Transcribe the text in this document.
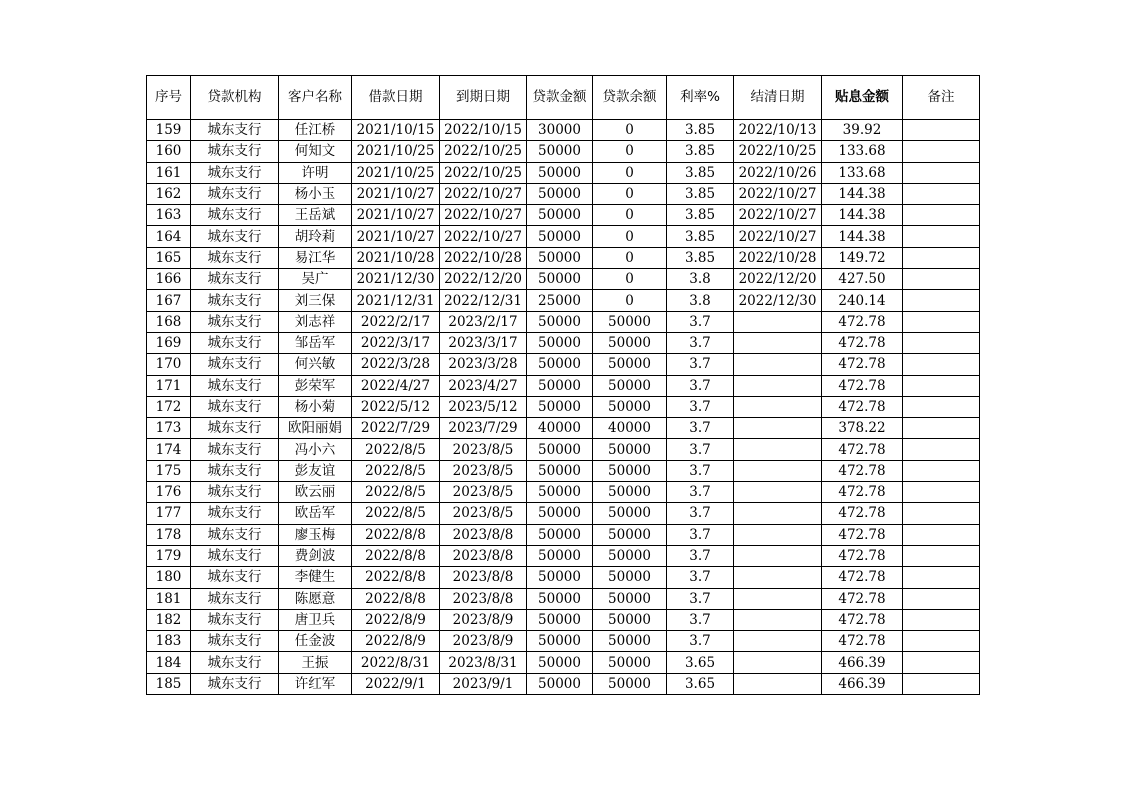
序号	贷款机构	客户名称	借款日期	到期日期	贷款金额	贷款余额	利率%	结清日期	贴息金额	备注
159	城东支行	任江桥	2021/10/15	2022/10/15	30000	0	3.85	2022/10/13	39.92	
160	城东支行	何知文	2021/10/25	2022/10/25	50000	0	3.85	2022/10/25	133.68	
161	城东支行	许明	2021/10/25	2022/10/25	50000	0	3.85	2022/10/26	133.68	
162	城东支行	杨小玉	2021/10/27	2022/10/27	50000	0	3.85	2022/10/27	144.38	
163	城东支行	王岳斌	2021/10/27	2022/10/27	50000	0	3.85	2022/10/27	144.38	
164	城东支行	胡玲莉	2021/10/27	2022/10/27	50000	0	3.85	2022/10/27	144.38	
165	城东支行	易江华	2021/10/28	2022/10/28	50000	0	3.85	2022/10/28	149.72	
166	城东支行	吴广	2021/12/30	2022/12/20	50000	0	3.8	2022/12/20	427.50	
167	城东支行	刘三保	2021/12/31	2022/12/31	25000	0	3.8	2022/12/30	240.14	
168	城东支行	刘志祥	2022/2/17	2023/2/17	50000	50000	3.7		472.78	
169	城东支行	邹岳军	2022/3/17	2023/3/17	50000	50000	3.7		472.78	
170	城东支行	何兴敏	2022/3/28	2023/3/28	50000	50000	3.7		472.78	
171	城东支行	彭荣军	2022/4/27	2023/4/27	50000	50000	3.7		472.78	
172	城东支行	杨小菊	2022/5/12	2023/5/12	50000	50000	3.7		472.78	
173	城东支行	欧阳丽娟	2022/7/29	2023/7/29	40000	40000	3.7		378.22	
174	城东支行	冯小六	2022/8/5	2023/8/5	50000	50000	3.7		472.78	
175	城东支行	彭友谊	2022/8/5	2023/8/5	50000	50000	3.7		472.78	
176	城东支行	欧云丽	2022/8/5	2023/8/5	50000	50000	3.7		472.78	
177	城东支行	欧岳军	2022/8/5	2023/8/5	50000	50000	3.7		472.78	
178	城东支行	廖玉梅	2022/8/8	2023/8/8	50000	50000	3.7		472.78	
179	城东支行	费剑波	2022/8/8	2023/8/8	50000	50000	3.7		472.78	
180	城东支行	李健生	2022/8/8	2023/8/8	50000	50000	3.7		472.78	
181	城东支行	陈愿意	2022/8/8	2023/8/8	50000	50000	3.7		472.78	
182	城东支行	唐卫兵	2022/8/9	2023/8/9	50000	50000	3.7		472.78	
183	城东支行	任金波	2022/8/9	2023/8/9	50000	50000	3.7		472.78	
184	城东支行	王振	2022/8/31	2023/8/31	50000	50000	3.65		466.39	
185	城东支行	许红军	2022/9/1	2023/9/1	50000	50000	3.65		466.39	
